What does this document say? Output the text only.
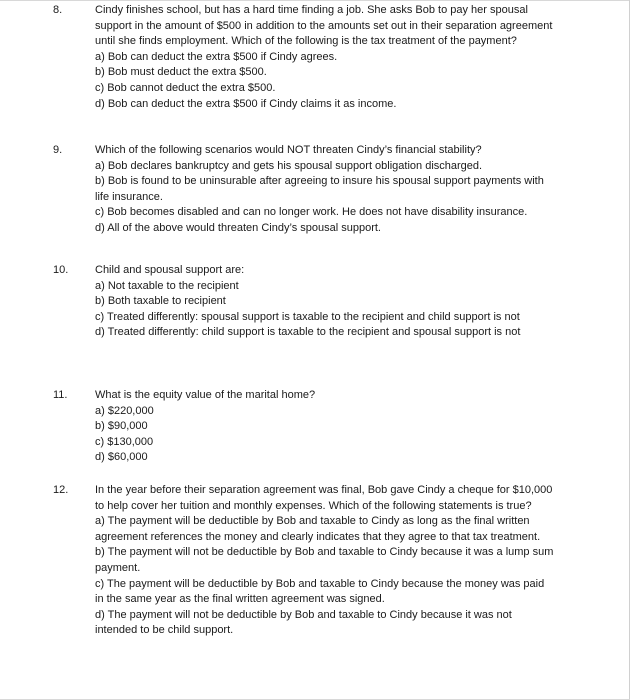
8.	Cindy finishes school, but has a hard time finding a job. She asks Bob to pay her spousal support in the amount of $500 in addition to the amounts set out in their separation agreement until she finds employment. Which of the following is the tax treatment of the payment?

a) Bob can deduct the extra $500 if Cindy agrees.

b) Bob must deduct the extra $500.

c) Bob cannot deduct the extra $500.

d) Bob can deduct the extra $500 if Cindy claims it as income.

9.	Which of the following scenarios would NOT threaten Cindy’s financial stability?

a) Bob declares bankruptcy and gets his spousal support obligation discharged.

b) Bob is found to be uninsurable after agreeing to insure his spousal support payments with life insurance.

c) Bob becomes disabled and can no longer work. He does not have disability insurance.

d) All of the above would threaten Cindy’s spousal support.

10. Child and spousal support are:

a) Not taxable to the recipient

b) Both taxable to recipient

c) Treated differently: spousal support is taxable to the recipient and child support is not

d) Treated differently: child support is taxable to the recipient and spousal support is not

11.	What is the equity value of the marital home?

a) $220,000

b) $90,000

c) $130,000

d) $60,000

12. In the year before their separation agreement was final, Bob gave Cindy a cheque for $10,000 to help cover her tuition and monthly expenses. Which of the following statements is true?

a) The payment will be deductible by Bob and taxable to Cindy as long as the final written agreement references the money and clearly indicates that they agree to that tax treatment.

b) The payment will not be deductible by Bob and taxable to Cindy because it was a lump sum payment.

c) The payment will be deductible by Bob and taxable to Cindy because the money was paid in the same year as the final written agreement was signed.

d) The payment will not be deductible by Bob and taxable to Cindy because it was not intended to be child support.
